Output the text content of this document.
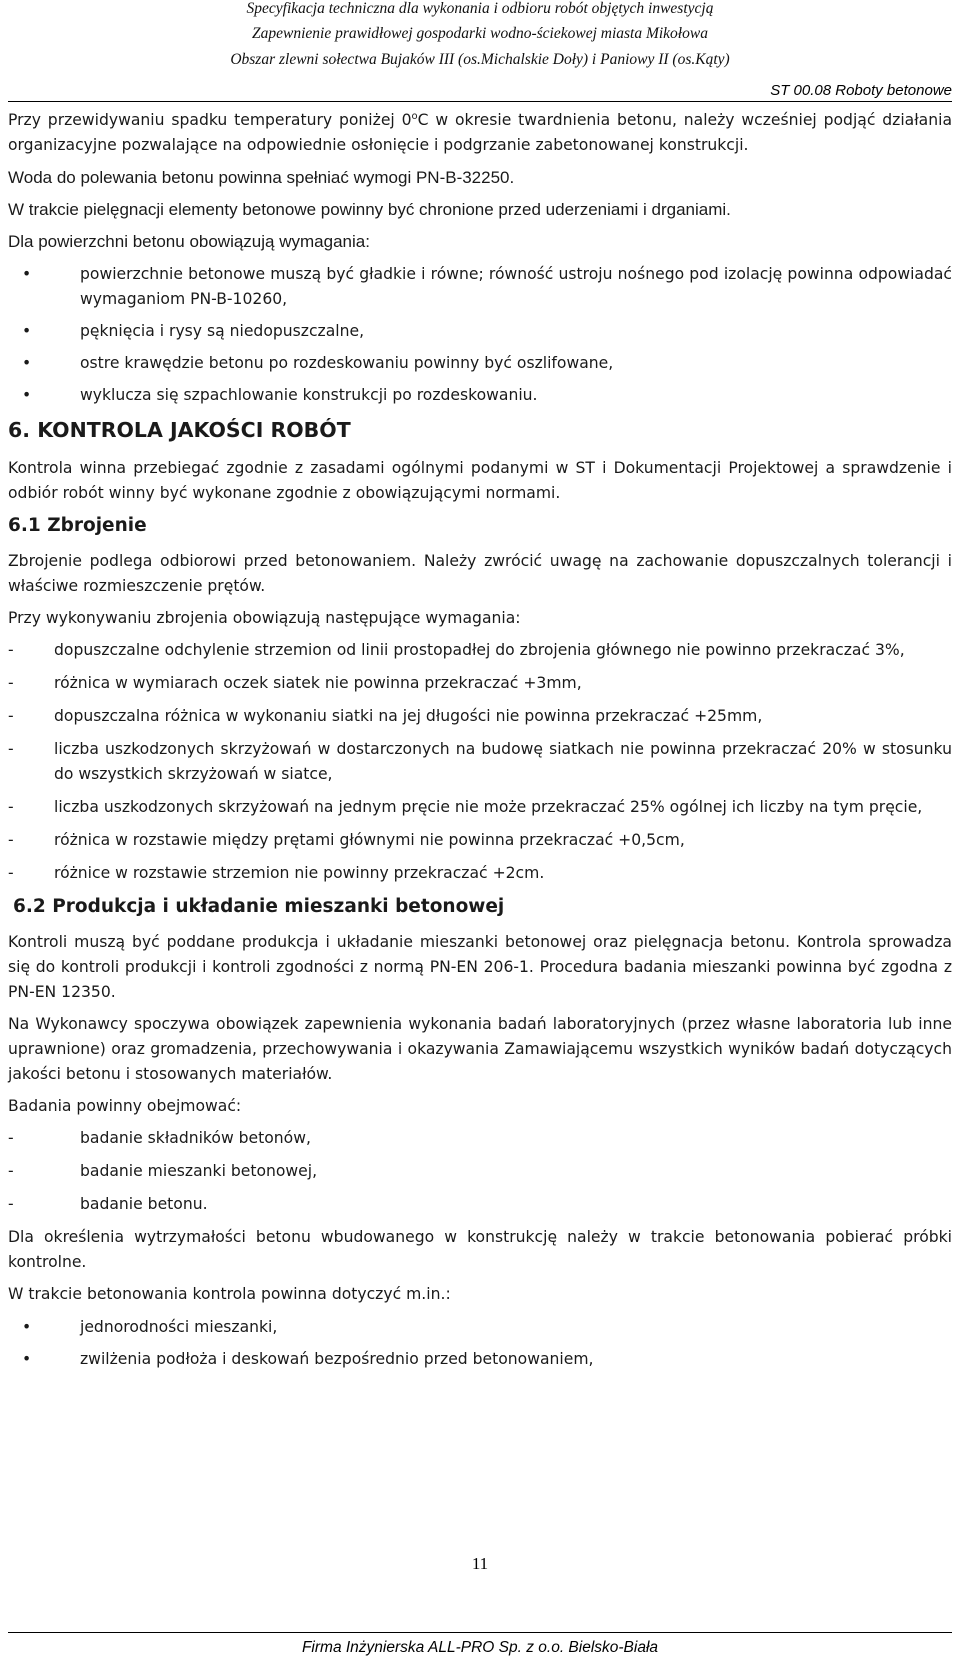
Specyfikacja techniczna dla wykonania i odbioru robót objętych inwestycją
Zapewnienie prawidłowej gospodarki wodno-ściekowej miasta Mikołowa
Obszar zlewni sołectwa Bujaków III (os.Michalskie Doły) i Paniowy II (os.Kąty)
ST 00.08 Roboty betonowe

Przy przewidywaniu spadku temperatury poniżej 0$^o$C w okresie twardnienia betonu, należy wcześniej podjąć działania organizacyjne pozwalające na odpowiednie osłonięcie i podgrzanie zabetonowanej konstrukcji.

Woda do polewania betonu powinna spełniać wymogi PN-B-32250.

W trakcie pielęgnacji elementy betonowe powinny być chronione przed uderzeniami i drganiami.

Dla powierzchni betonu obowiązują wymagania:

•	powierzchnie betonowe muszą być gładkie i równe; równość ustroju nośnego pod izolację powinna odpowiadać wymaganiom PN-B-10260,
•	pęknięcia i rysy są niedopuszczalne,
•	ostre krawędzie betonu po rozdeskowaniu powinny być oszlifowane,
•	wyklucza się szpachlowanie konstrukcji po rozdeskowaniu.
6. KONTROLA JAKOŚCI ROBÓT

Kontrola winna przebiegać zgodnie z zasadami ogólnymi podanymi w ST i Dokumentacji Projektowej a sprawdzenie i odbiór robót winny być wykonane zgodnie z obowiązującymi normami.

6.1 Zbrojenie

Zbrojenie podlega odbiorowi przed betonowaniem. Należy zwrócić uwagę na zachowanie dopuszczalnych tolerancji i właściwe rozmieszczenie prętów.

Przy wykonywaniu zbrojenia obowiązują następujące wymagania:

-	dopuszczalne odchylenie strzemion od linii prostopadłej do zbrojenia głównego nie powinno przekraczać 3%,
-	różnica w wymiarach oczek siatek nie powinna przekraczać +3mm,
-	dopuszczalna różnica w wykonaniu siatki na jej długości nie powinna przekraczać +25mm,
-	liczba uszkodzonych skrzyżowań w dostarczonych na budowę siatkach nie powinna przekraczać 20% w stosunku do wszystkich skrzyżowań w siatce,
-	liczba uszkodzonych skrzyżowań na jednym pręcie nie może przekraczać 25% ogólnej ich liczby na tym pręcie,
-	różnica w rozstawie między prętami głównymi nie powinna przekraczać +0,5cm,
-	różnice w rozstawie strzemion nie powinny przekraczać +2cm.
6.2 Produkcja i układanie mieszanki betonowej

Kontroli muszą być poddane produkcja i układanie mieszanki betonowej oraz pielęgnacja betonu. Kontrola sprowadza się do kontroli produkcji i kontroli zgodności z normą PN-EN 206-1. Procedura badania mieszanki powinna być zgodna z PN-EN 12350.

Na Wykonawcy spoczywa obowiązek zapewnienia wykonania badań laboratoryjnych (przez własne laboratoria lub inne uprawnione) oraz gromadzenia, przechowywania i okazywania Zamawiającemu wszystkich wyników badań dotyczących jakości betonu i stosowanych materiałów.

Badania powinny obejmować:

-	badanie składników betonów,
-	badanie mieszanki betonowej,
-	badanie betonu.

Dla określenia wytrzymałości betonu wbudowanego w konstrukcję należy w trakcie betonowania pobierać próbki kontrolne.

W trakcie betonowania kontrola powinna dotyczyć m.in.:

•	jednorodności mieszanki,
•	zwilżenia podłoża i deskowań bezpośrednio przed betonowaniem,
11
Firma Inżynierska ALL-PRO Sp. z o.o. Bielsko-Biała
